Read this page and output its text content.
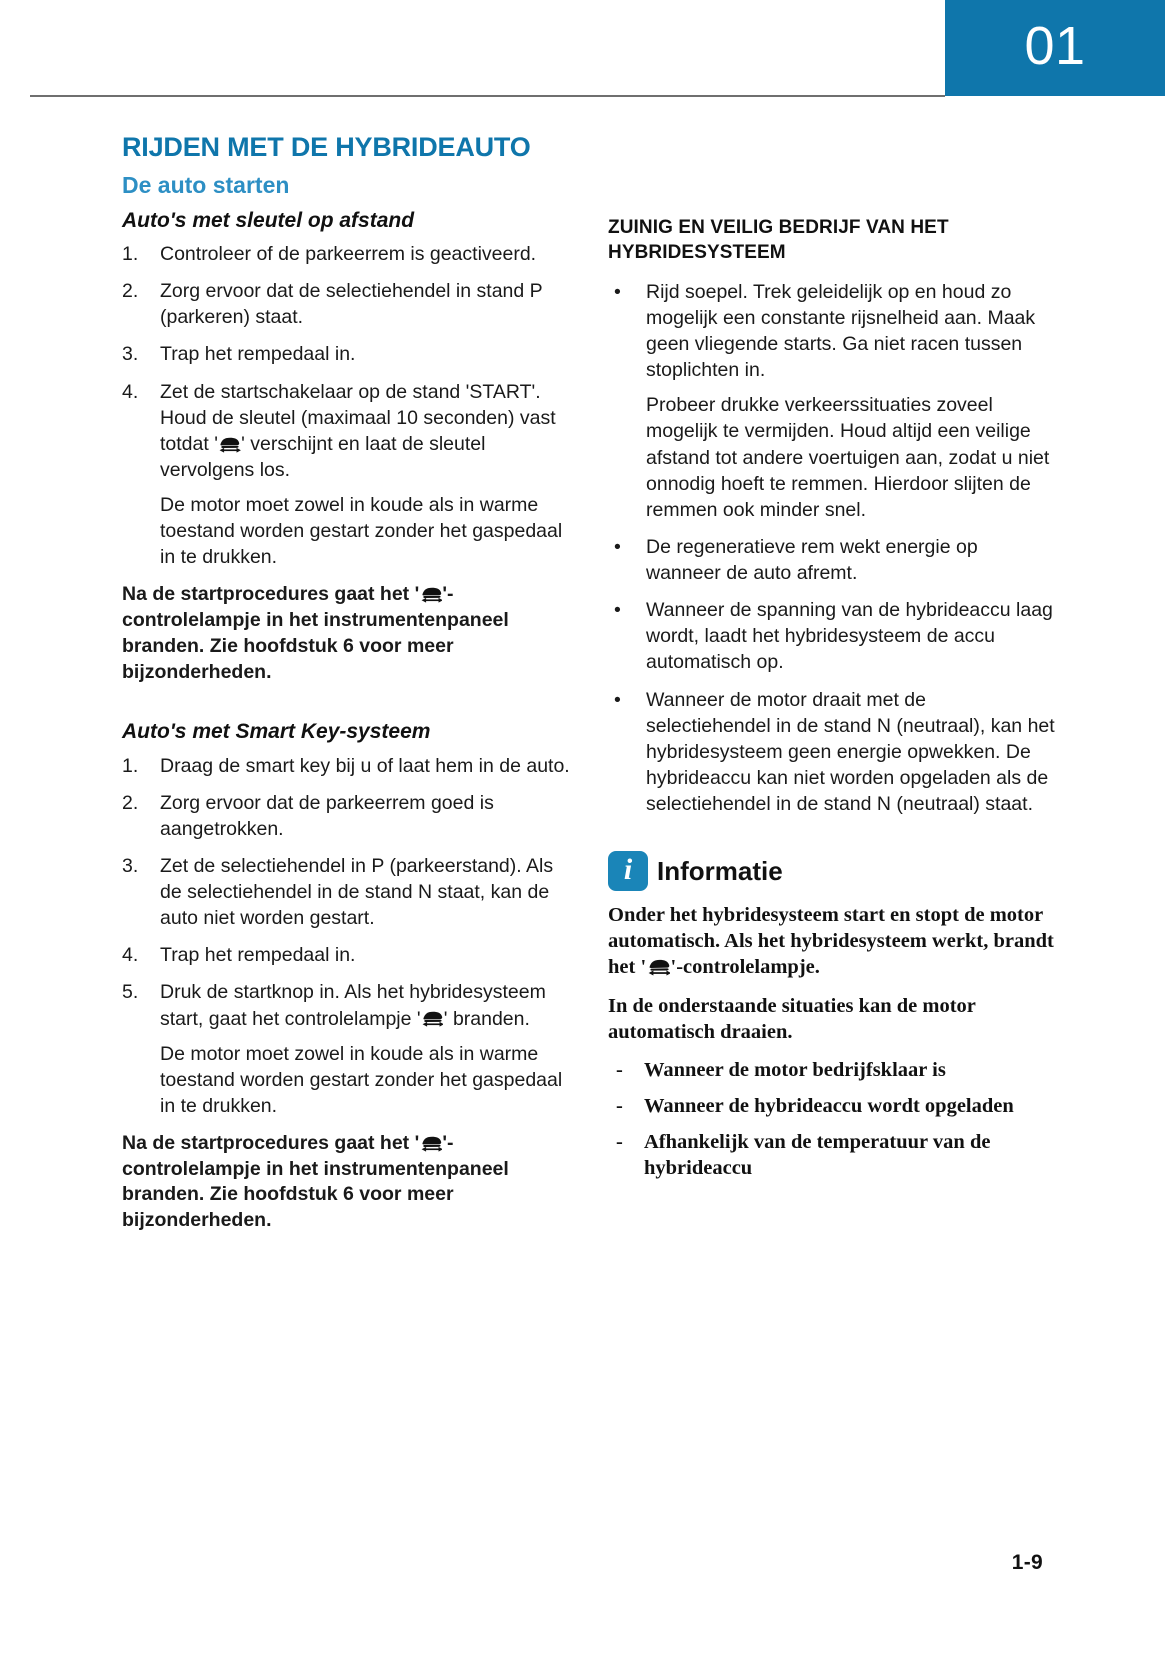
01
RIJDEN MET DE HYBRIDEAUTO
De auto starten
Auto's met sleutel op afstand
1.	Controleer of de parkeerrem is geactiveerd.
2.	Zorg ervoor dat de selectiehendel in stand P (parkeren) staat.
3.	Trap het rempedaal in.
4.	Zet de startschakelaar op de stand 'START'. Houd de sleutel (maximaal 10 seconden) vast totdat ' ' verschijnt en laat de sleutel vervolgens los.
De motor moet zowel in koude als in warme toestand worden gestart zonder het gaspedaal in te drukken.

Na de startprocedures gaat het ' '-controlelampje in het instrumentenpaneel branden. Zie hoofdstuk 6 voor meer bijzonderheden.

Auto's met Smart Key-systeem
1.	Draag de smart key bij u of laat hem in de auto.
2.	Zorg ervoor dat de parkeerrem goed is aangetrokken.
3.	Zet de selectiehendel in P (parkeerstand). Als de selectiehendel in de stand N staat, kan de auto niet worden gestart.
4.	Trap het rempedaal in.
5.	Druk de startknop in. Als het hybridesysteem start, gaat het controlelampje ' ' branden.
De motor moet zowel in koude als in warme toestand worden gestart zonder het gaspedaal in te drukken.

Na de startprocedures gaat het ' '-controlelampje in het instrumentenpaneel branden. Zie hoofdstuk 6 voor meer bijzonderheden.

ZUINIG EN VEILIG BEDRIJF VAN HET HYBRIDESYSTEEM
• Rijd soepel. Trek geleidelijk op en houd zo mogelijk een constante rijsnelheid aan. Maak geen vliegende starts. Ga niet racen tussen stoplichten in.
Probeer drukke verkeerssituaties zoveel mogelijk te vermijden. Houd altijd een veilige afstand tot andere voertuigen aan, zodat u niet onnodig hoeft te remmen. Hierdoor slijten de remmen ook minder snel.
• De regeneratieve rem wekt energie op wanneer de auto afremt.
• Wanneer de spanning van de hybrideaccu laag wordt, laadt het hybridesysteem de accu automatisch op.
• Wanneer de motor draait met de selectiehendel in de stand N (neutraal), kan het hybridesysteem geen energie opwekken. De hybrideaccu kan niet worden opgeladen als de selectiehendel in de stand N (neutraal) staat.
i Informatie

Onder het hybridesysteem start en stopt de motor automatisch. Als het hybridesysteem werkt, brandt het ' '-controlelampje.

In de onderstaande situaties kan de motor automatisch draaien.

- Wanneer de motor bedrijfsklaar is
- Wanneer de hybrideaccu wordt opgeladen
- Afhankelijk van de temperatuur van de hybrideaccu
1-9
